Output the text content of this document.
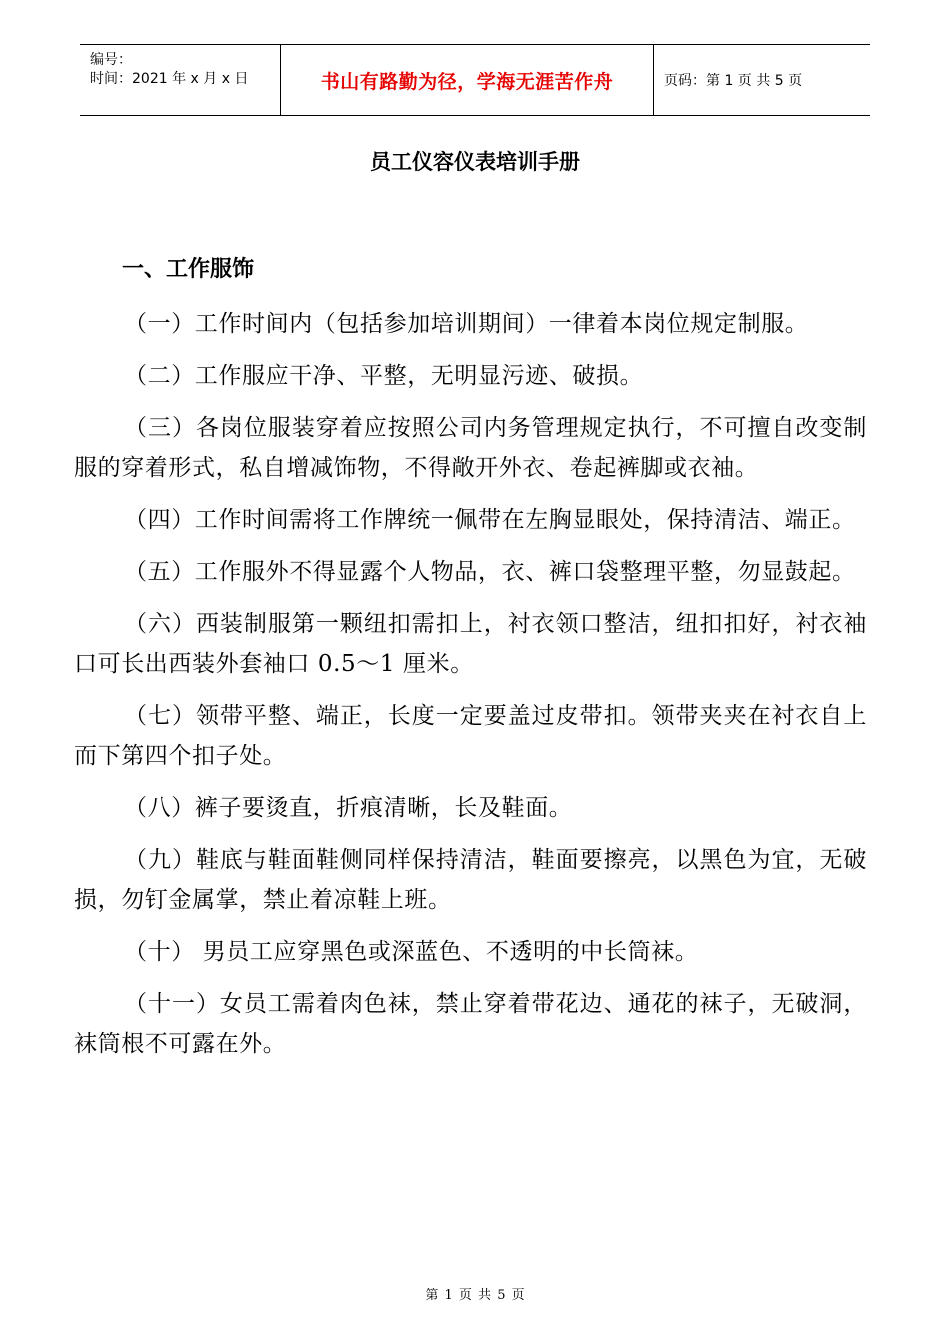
编号：
时间：2021 年 x 月 x 日	书山有路勤为径，学海无涯苦作舟	页码：第 1 页 共 5 页
员工仪容仪表培训手册
一、工作服饰

（一）工作时间内（包括参加培训期间）一律着本岗位规定制服。

（二）工作服应干净、平整，无明显污迹、破损。

（三）各岗位服装穿着应按照公司内务管理规定执行，不可擅自改变制服的穿着形式，私自增减饰物，不得敞开外衣、卷起裤脚或衣袖。

（四）工作时间需将工作牌统一佩带在左胸显眼处，保持清洁、端正。

（五）工作服外不得显露个人物品，衣、裤口袋整理平整，勿显鼓起。

（六）西装制服第一颗纽扣需扣上，衬衣领口整洁，纽扣扣好，衬衣袖口可长出西装外套袖口 0.5～1 厘米。

（七）领带平整、端正，长度一定要盖过皮带扣。领带夹夹在衬衣自上而下第四个扣子处。

（八）裤子要烫直，折痕清晰，长及鞋面。

（九）鞋底与鞋面鞋侧同样保持清洁，鞋面要擦亮，以黑色为宜，无破损，勿钉金属掌，禁止着凉鞋上班。

（十） 男员工应穿黑色或深蓝色、不透明的中长筒袜。

（十一）女员工需着肉色袜，禁止穿着带花边、通花的袜子，无破洞，袜筒根不可露在外。

第 1 页 共 5 页
